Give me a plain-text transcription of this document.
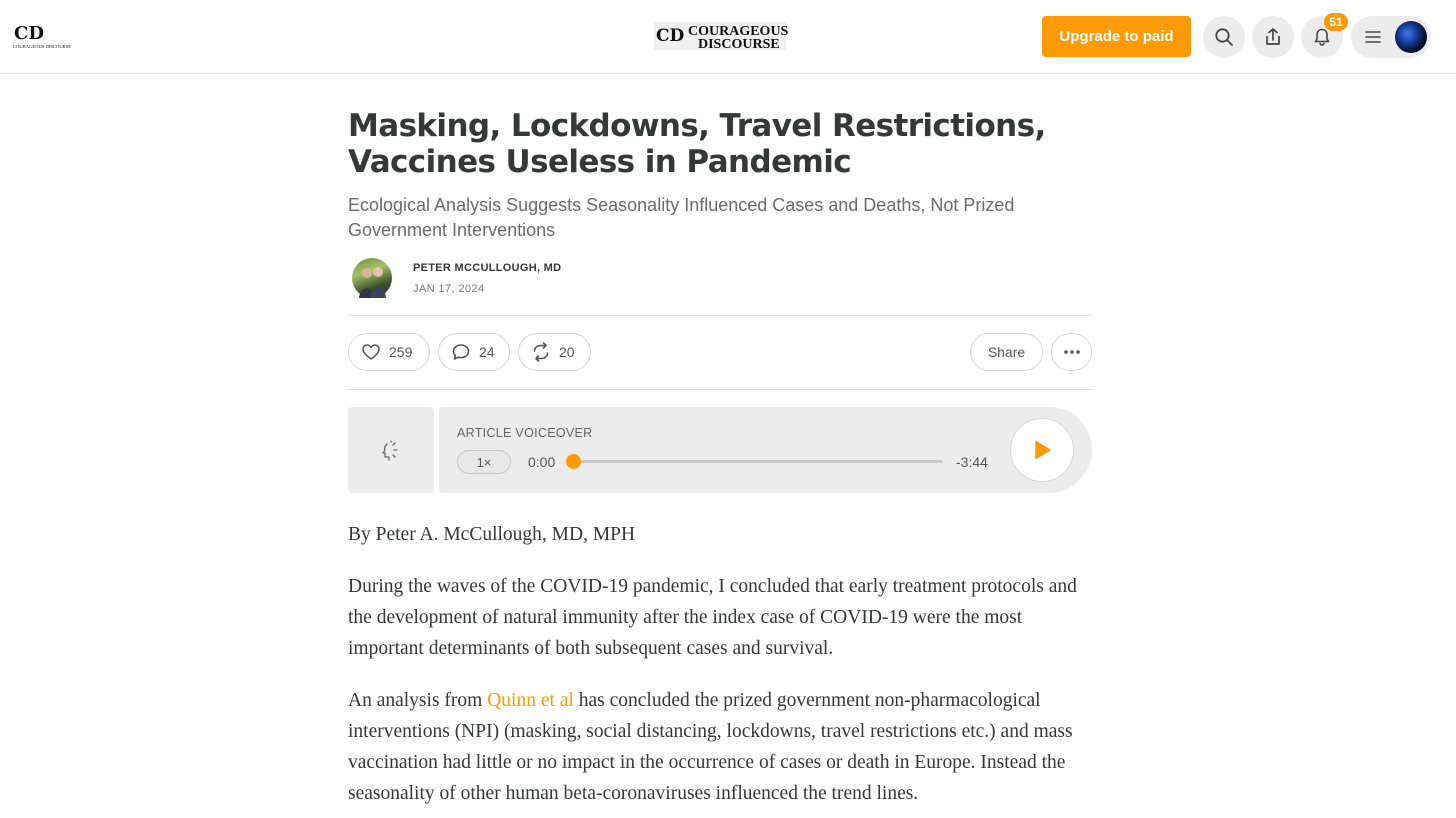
CD
COURAGEOUS DISCOURSE
CD COURAGEOUS
DISCOURSE	Upgrade to paid
51
Masking, Lockdowns, Travel Restrictions, Vaccines Useless in Pandemic
Ecological Analysis Suggests Seasonality Influenced Cases and Deaths, Not Prized Government Interventions
PETER MCCULLOUGH, MD
JAN 17, 2024
259	24	20	Share
ARTICLE VOICEOVER
1×	0:00	-3:44

By Peter A. McCullough, MD, MPH

During the waves of the COVID-19 pandemic, I concluded that early treatment protocols and the development of natural immunity after the index case of COVID-19 were the most important determinants of both subsequent cases and survival.

An analysis from Quinn et al has concluded the prized government non-pharmacological interventions (NPI) (masking, social distancing, lockdowns, travel restrictions etc.) and mass vaccination had little or no impact in the occurrence of cases or death in Europe. Instead the seasonality of other human beta-coronaviruses influenced the trend lines.
